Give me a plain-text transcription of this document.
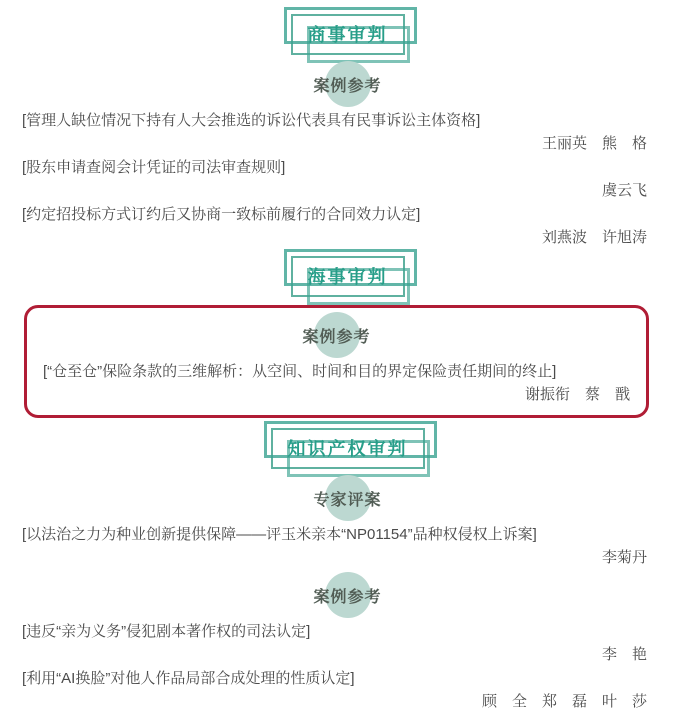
商事审判
案例参考
[管理人缺位情况下持有人大会推选的诉讼代表具有民事诉讼主体资格]
王丽英　熊　格
[股东申请查阅会计凭证的司法审查规则]
虞云飞
[约定招投标方式订约后又协商一致标前履行的合同效力认定]
刘燕波　许旭涛
海事审判
案例参考
[“仓至仓”保险条款的三维解析：从空间、时间和目的界定保险责任期间的终止]
谢振衔　蔡　戬
知识产权审判
专家评案
[以法治之力为种业创新提供保障——评玉米亲本“NP01154”品种权侵权上诉案]
李菊丹
案例参考
[违反“亲为义务”侵犯剧本著作权的司法认定]
李　艳
[利用“AI换脸”对他人作品局部合成处理的性质认定]
顾　全　郑　磊　叶　莎
